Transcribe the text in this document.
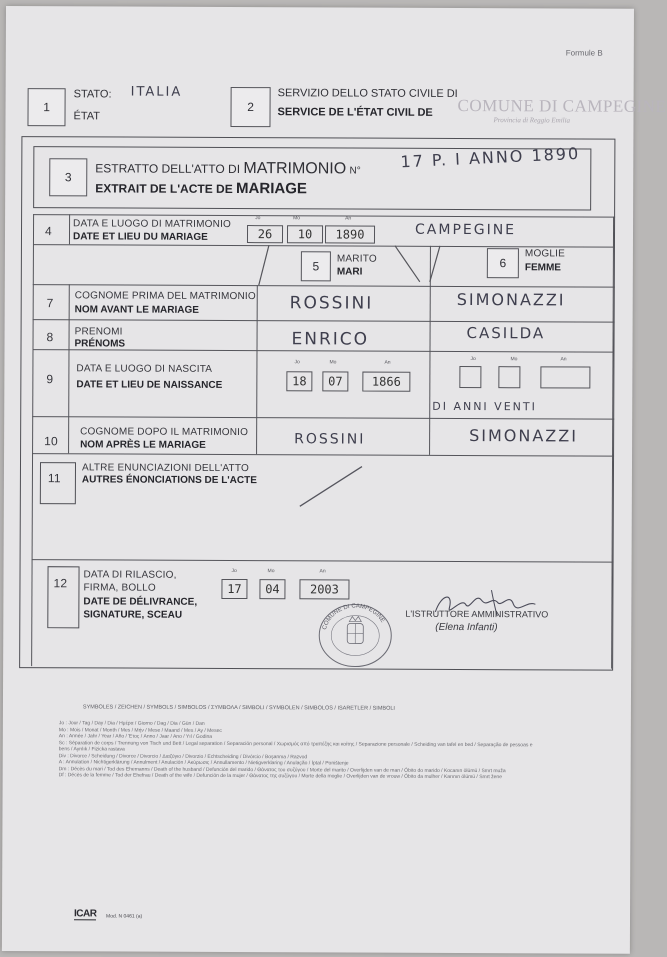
Formule B
1
STATO:
ÉTAT
ITALIA
2
SERVIZIO DELLO STATO CIVILE DI
SERVICE DE L'ÉTAT CIVIL DE COMUNE DI CAMPEGINE
Provincia di Reggio Emilia
3
ESTRATTO DELL'ATTO DI MATRIMONIO N°
EXTRAIT DE L'ACTE DE MARIAGE
17 P. I ANNO 1890
4
DATA E LUOGO DI MATRIMONIO
DATE ET LIEU DU MARIAGE
Jo	Mo	An
26	10	1890	CAMPEGINE
5
MARITO
MARI
6
MOGLIE
FEMME
7 COGNOME PRIMA DEL MATRIMONIO
NOM AVANT LE MARIAGE	ROSSINI	SIMONAZZI
8 PRENOMI
PRÉNOMS	ENRICO	CASILDA
9
DATA E LUOGO DI NASCITA
DATE ET LIEU DE NAISSANCE
Jo	Mo	An
18	07	1866
Jo	Mo	An
DI ANNI VENTI
10
COGNOME DOPO IL MATRIMONIO
NOM APRÈS LE MARIAGE	ROSSINI	SIMONAZZI
11
ALTRE ENUNCIAZIONI DELL'ATTO
AUTRES ÉNONCIATIONS DE L'ACTE
12
DATA DI RILASCIO,
FIRMA, BOLLO
DATE DE DÉLIVRANCE,
SIGNATURE, SCEAU
Jo	Mo	An
17	04	2003
COMUNE DI CAMPEGINE
L'ISTRUTTORE AMMINISTRATIVO
(Elena Infanti)
SYMBOLES / ZEICHEN / SYMBOLS / SIMBOLOS / ΣΥΜΒΟΛΑ / SIMBOLI / SYMBOLEN / SIMBOLOS / ISARETLER / SIMBOLI
Jo : Jour / Tag / Day / Dia / Ημέρα / Giorno / Dag / Dia / Gün / Dan
Mo : Mois / Monat / Month / Mes / Μήν / Mese / Maand / Mes / Ay / Mesec
An : Année / Jahr / Year / Año / Έτος / Anno / Jaar / Ano / Yıl / Godina
Sc : Séparation de corps / Trennung von Tisch und Bett / Legal separation / Separación personal / Χωρισμός από τραπέζης και κοίτης / Separazione personale / Scheiding van tafel en bed / Separação de pessoas e bens / Ayrılık / Fizicka rastava
Div : Divorce / Scheidung / Divorce / Divorcio / Διαζύγιο / Divorzio / Echtscheiding / Divórcio / Boşanma / Razvod
A : Annulation / Nichtigerklärung / Annulment / Anulación / Ακύρωσις / Annullamento / Nietigverklaring / Anulação / İptal / Poništenje
Dm : Décès du mari / Tod des Ehemanns / Death of the husband / Defunción del marido / Θάνατος του συζύγου / Morte del marito / Overlijden van de man / Óbito do marido / Kocanın ölümü / Smrt muža
Df : Décès de la femme / Tod der Ehefrau / Death of the wife / Defunción de la mujer / Θάνατος της συζύγου / Morte della moglie / Overlijden van de vrouw / Óbito da mulher / Karının ölümü / Smrt žene
ICAR Mod. N 0461 (a)
